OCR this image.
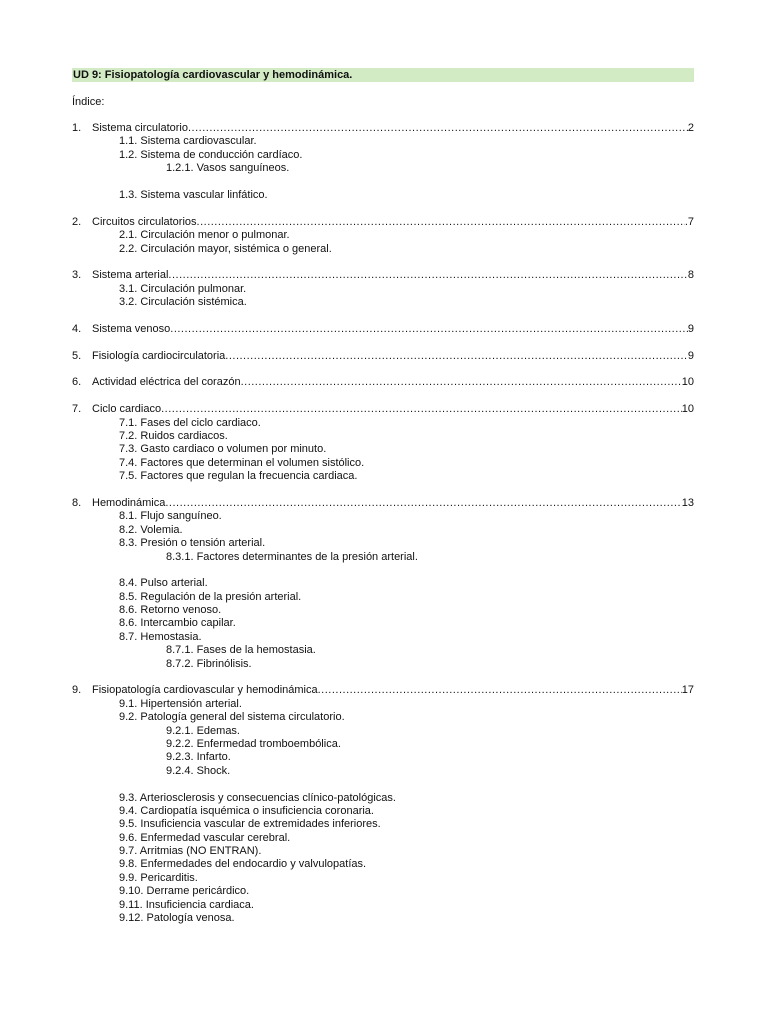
UD 9: Fisiopatología cardiovascular y hemodinámica.
Índice:
1. Sistema circulatorio .....	2
1.1. Sistema cardiovascular.
1.2. Sistema de conducción cardíaco.
1.2.1. Vasos sanguíneos.
1.3. Sistema vascular linfático.
2. Circuitos circulatorios .....	.7
2.1. Circulación menor o pulmonar.
2.2. Circulación mayor, sistémica o general.
3. Sistema arterial .....	8
3.1. Circulación pulmonar.
3.2. Circulación sistémica.
4. Sistema venoso .....	9
5. Fisiología cardiocirculatoria .....	9
6. Actividad eléctrica del corazón .....	10
7. Ciclo cardiaco .....	10
7.1. Fases del ciclo cardiaco.
7.2. Ruidos cardiacos.
7.3. Gasto cardiaco o volumen por minuto.
7.4. Factores que determinan el volumen sistólico.
7.5. Factores que regulan la frecuencia cardiaca.
8. Hemodinámica .....	13
8.1. Flujo sanguíneo.
8.2. Volemia.
8.3. Presión o tensión arterial.
8.3.1. Factores determinantes de la presión arterial.
8.4. Pulso arterial.
8.5. Regulación de la presión arterial.
8.6. Retorno venoso.
8.6. Intercambio capilar.
8.7. Hemostasia.
8.7.1. Fases de la hemostasia.
8.7.2. Fibrinólisis.
9. Fisiopatología cardiovascular y hemodinámica .....	17
9.1. Hipertensión arterial.
9.2. Patología general del sistema circulatorio.
9.2.1. Edemas.
9.2.2. Enfermedad tromboembólica.
9.2.3. Infarto.
9.2.4. Shock.
9.3. Arteriosclerosis y consecuencias clínico-patológicas.
9.4. Cardiopatía isquémica o insuficiencia coronaria.
9.5. Insuficiencia vascular de extremidades inferiores.
9.6. Enfermedad vascular cerebral.
9.7. Arritmias (NO ENTRAN).
9.8. Enfermedades del endocardio y valvulopatías.
9.9. Pericarditis.
9.10. Derrame pericárdico.
9.11. Insuficiencia cardiaca.
9.12. Patología venosa.
